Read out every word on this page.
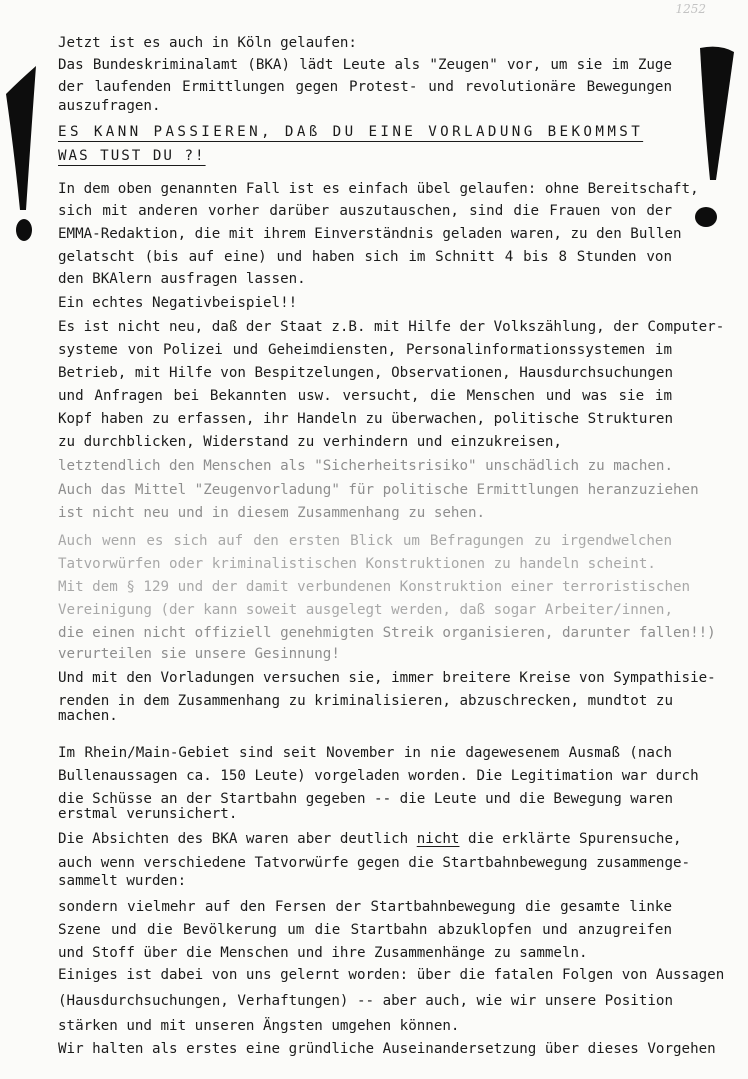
1252
Jetzt ist es auch in Köln gelaufen:
Das Bundeskriminalamt (BKA) lädt Leute als "Zeugen" vor, um sie im Zuge
der laufenden Ermittlungen gegen Protest- und revolutionäre Bewegungen
auszufragen.
ES KANN PASSIEREN, DAß DU EINE VORLADUNG BEKOMMST
WAS TUST DU ?!
In dem oben genannten Fall ist es einfach übel gelaufen: ohne Bereitschaft,
sich mit anderen vorher darüber auszutauschen, sind die Frauen von der
EMMA-Redaktion, die mit ihrem Einverständnis geladen waren, zu den Bullen
gelatscht (bis auf eine) und haben sich im Schnitt 4 bis 8 Stunden von
den BKAlern ausfragen lassen.
Ein echtes Negativbeispiel!!
Es ist nicht neu, daß der Staat z.B. mit Hilfe der Volkszählung, der Computer-
systeme von Polizei und Geheimdiensten, Personalinformationssystemen im
Betrieb, mit Hilfe von Bespitzelungen, Observationen, Hausdurchsuchungen
und Anfragen bei Bekannten usw. versucht, die Menschen und was sie im
Kopf haben zu erfassen, ihr Handeln zu überwachen, politische Strukturen
zu durchblicken, Widerstand zu verhindern und einzukreisen,
letztendlich den Menschen als "Sicherheitsrisiko" unschädlich zu machen.
Auch das Mittel "Zeugenvorladung" für politische Ermittlungen heranzuziehen
ist nicht neu und in diesem Zusammenhang zu sehen.
Auch wenn es sich auf den ersten Blick um Befragungen zu irgendwelchen
Tatvorwürfen oder kriminalistischen Konstruktionen zu handeln scheint.
Mit dem § 129 und der damit verbundenen Konstruktion einer terroristischen
Vereinigung (der kann soweit ausgelegt werden, daß sogar Arbeiter/innen,
die einen nicht offiziell genehmigten Streik organisieren, darunter fallen!!)
verurteilen sie unsere Gesinnung!
Und mit den Vorladungen versuchen sie, immer breitere Kreise von Sympathisie-
renden in dem Zusammenhang zu kriminalisieren, abzuschrecken, mundtot zu
machen.
Im Rhein/Main-Gebiet sind seit November in nie dagewesenem Ausmaß (nach
Bullenaussagen ca. 150 Leute) vorgeladen worden. Die Legitimation war durch
die Schüsse an der Startbahn gegeben -- die Leute und die Bewegung waren
erstmal verunsichert.
Die Absichten des BKA waren aber deutlich nicht die erklärte Spurensuche,
auch wenn verschiedene Tatvorwürfe gegen die Startbahnbewegung zusammenge-
sammelt wurden:
sondern vielmehr auf den Fersen der Startbahnbewegung die gesamte linke
Szene und die Bevölkerung um die Startbahn abzuklopfen und anzugreifen
und Stoff über die Menschen und ihre Zusammenhänge zu sammeln.
Einiges ist dabei von uns gelernt worden: über die fatalen Folgen von Aussagen
(Hausdurchsuchungen, Verhaftungen) -- aber auch, wie wir unsere Position
stärken und mit unseren Ängsten umgehen können.
Wir halten als erstes eine gründliche Auseinandersetzung über dieses Vorgehen
